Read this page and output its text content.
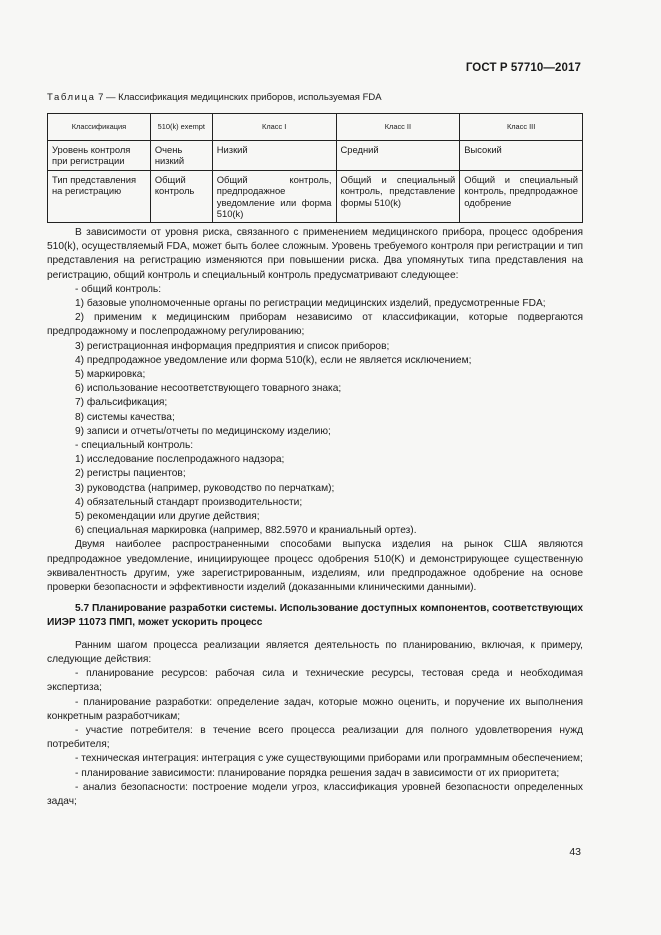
ГОСТ Р 57710—2017
Таблица 7 — Классификация медицинских приборов, используемая FDA
Классификация	510(k) exempt	Класс I	Класс II	Класс III
Уровень контроля при регистрации	Очень низкий	Низкий	Средний	Высокий
Тип представления на регистрацию	Общий контроль	Общий контроль, предпродажное уведомление или форма 510(k)	Общий и специальный контроль, представление формы 510(k)	Общий и специальный контроль, предпродажное одобрение

В зависимости от уровня риска, связанного с применением медицинского прибора, процесс одобрения 510(k), осуществляемый FDA, может быть более сложным. Уровень требуемого контроля при регистрации и тип представления на регистрацию изменяются при повышении риска. Два упомянутых типа представления на регистрацию, общий контроль и специальный контроль предусматривают следующее:

- общий контроль:

1) базовые уполномоченные органы по регистрации медицинских изделий, предусмотренные FDA;

2) применим к медицинским приборам независимо от классификации, которые подвергаются предпродажному и послепродажному регулированию;

3) регистрационная информация предприятия и список приборов;

4) предпродажное уведомление или форма 510(k), если не является исключением;

5) маркировка;

6) использование несоответствующего товарного знака;

7) фальсификация;

8) системы качества;

9) записи и отчеты/отчеты по медицинскому изделию;

- специальный контроль:

1) исследование послепродажного надзора;

2) регистры пациентов;

3) руководства (например, руководство по перчаткам);

4) обязательный стандарт производительности;

5) рекомендации или другие действия;

6) специальная маркировка (например, 882.5970 и краниальный ортез).

Двумя наиболее распространенными способами выпуска изделия на рынок США являются предпродажное уведомление, инициирующее процесс одобрения 510(K) и демонстрирующее существенную эквивалентность другим, уже зарегистрированным, изделиям, или предпродажное одобрение на основе проверки безопасности и эффективности изделий (доказанными клиническими данными).

5.7 Планирование разработки системы. Использование доступных компонентов, соответствующих ИИЭР 11073 ПМП, может ускорить процесс

Ранним шагом процесса реализации является деятельность по планированию, включая, к примеру, следующие действия:

- планирование ресурсов: рабочая сила и технические ресурсы, тестовая среда и необходимая экспертиза;

- планирование разработки: определение задач, которые можно оценить, и поручение их выполнения конкретным разработчикам;

- участие потребителя: в течение всего процесса реализации для полного удовлетворения нужд потребителя;

- техническая интеграция: интеграция с уже существующими приборами или программным обеспечением;

- планирование зависимости: планирование порядка решения задач в зависимости от их приоритета;

- анализ безопасности: построение модели угроз, классификация уровней безопасности определенных задач;

43
